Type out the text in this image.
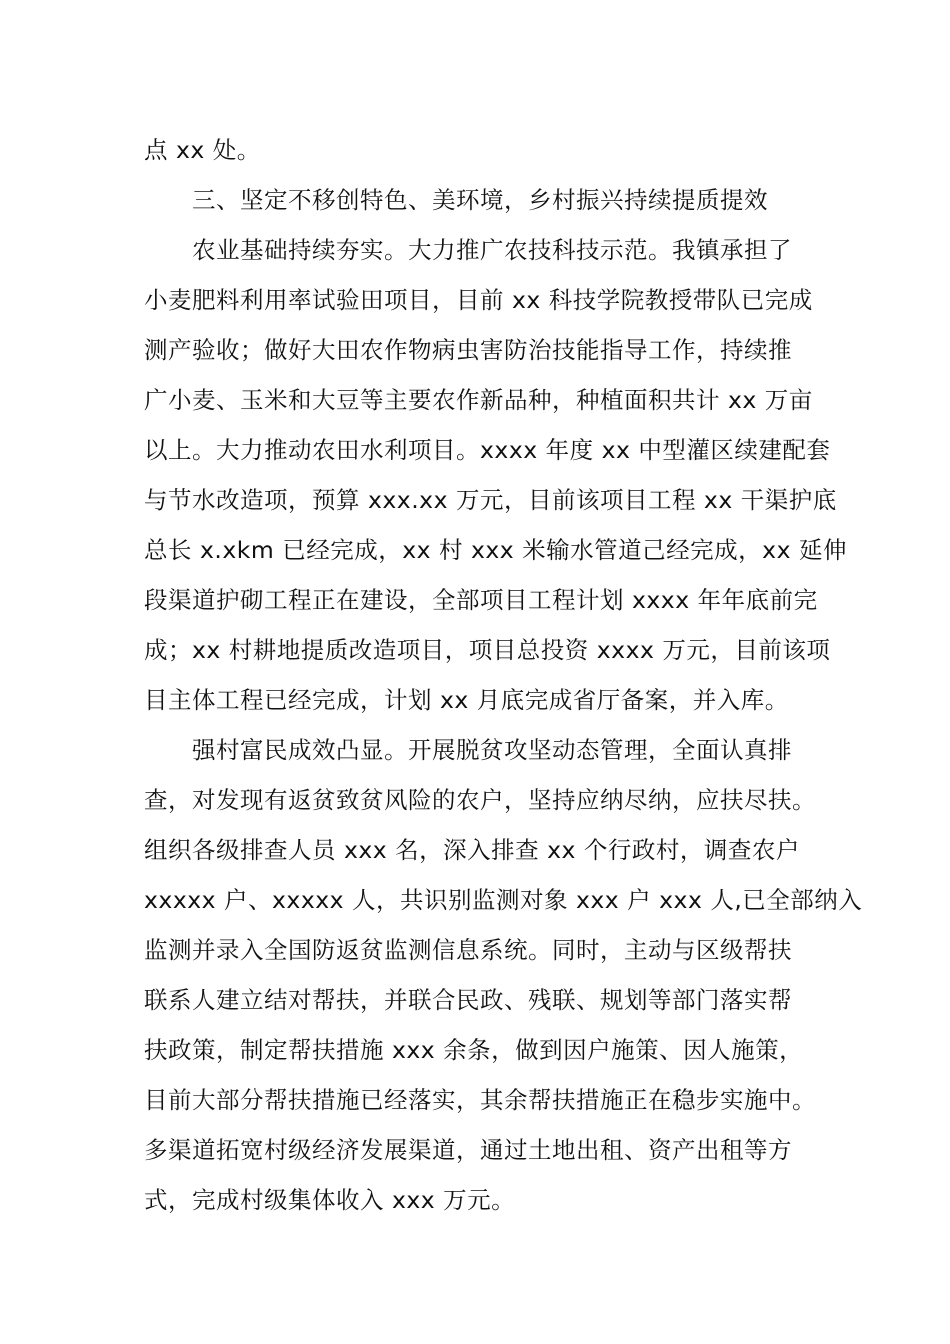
点 xx 处。
三、坚定不移创特色、美环境，乡村振兴持续提质提效
农业基础持续夯实。大力推广农技科技示范。我镇承担了
小麦肥料利用率试验田项目，目前 xx 科技学院教授带队已完成
测产验收；做好大田农作物病虫害防治技能指导工作，持续推
广小麦、玉米和大豆等主要农作新品种，种植面积共计 xx 万亩
以上。大力推动农田水利项目。xxxx 年度 xx 中型灌区续建配套
与节水改造项，预算 xxx.xx 万元，目前该项目工程 xx 干渠护底
总长 x.xkm 已经完成，xx 村 xxx 米输水管道己经完成，xx 延伸
段渠道护砌工程正在建设，全部项目工程计划 xxxx 年年底前完
成；xx 村耕地提质改造项目，项目总投资 xxxx 万元，目前该项
目主体工程已经完成，计划 xx 月底完成省厅备案，并入库。
强村富民成效凸显。开展脱贫攻坚动态管理，全面认真排
查，对发现有返贫致贫风险的农户，坚持应纳尽纳，应扶尽扶。
组织各级排查人员 xxx 名，深入排查 xx 个行政村，调查农户
xxxxx 户、xxxxx 人，共识别监测对象 xxx 户 xxx 人,已全部纳入
监测并录入全国防返贫监测信息系统。同时，主动与区级帮扶
联系人建立结对帮扶，并联合民政、残联、规划等部门落实帮
扶政策，制定帮扶措施 xxx 余条，做到因户施策、因人施策，
目前大部分帮扶措施已经落实，其余帮扶措施正在稳步实施中。
多渠道拓宽村级经济发展渠道，通过土地出租、资产出租等方
式，完成村级集体收入 xxx 万元。
